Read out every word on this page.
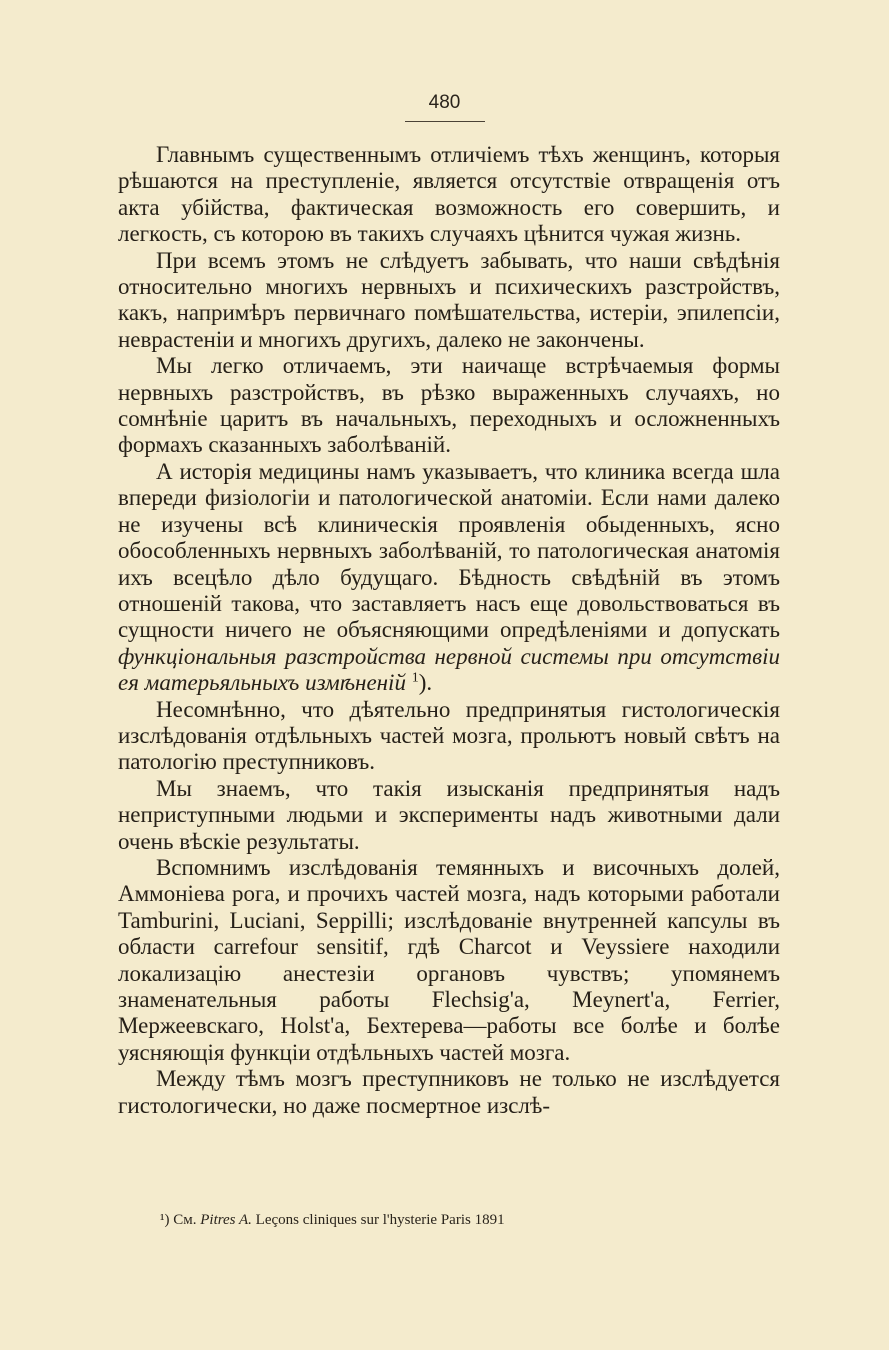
480

Главнымъ существеннымъ отличіемъ тѣхъ женщинъ, которыя рѣшаются на преступленіе, является отсутствіе отвращенія отъ акта убійства, фактическая возможность его совершить, и легкость, съ которою въ такихъ случаяхъ цѣнится чужая жизнь.

При всемъ этомъ не слѣдуетъ забывать, что наши свѣдѣнія относительно многихъ нервныхъ и психическихъ разстройствъ, какъ, напримѣръ первичнаго помѣшательства, истеріи, эпилепсіи, неврастеніи и многихъ другихъ, далеко не закончены.

Мы легко отличаемъ, эти наичаще встрѣчаемыя формы нервныхъ разстройствъ, въ рѣзко выраженныхъ случаяхъ, но сомнѣніе царитъ въ начальныхъ, переходныхъ и осложненныхъ формахъ сказанныхъ заболѣваній.

А исторія медицины намъ указываетъ, что клиника всегда шла впереди физіологіи и патологической анатоміи. Если нами далеко не изучены всѣ клиническія проявленія обыденныхъ, ясно обособленныхъ нервныхъ заболѣваній, то патологическая анатомія ихъ всецѣло дѣло будущаго. Бѣдность свѣдѣній въ этомъ отношеній такова, что заставляетъ насъ еще довольствоваться въ сущности ничего не объясняющими опредѣленіями и допускать функціональныя разстройства нервной системы при отсутствіи ея матерьяльныхъ измѣненій $^1$).

Несомнѣнно, что дѣятельно предпринятыя гистологическія изслѣдованія отдѣльныхъ частей мозга, прольютъ новый свѣтъ на патологію преступниковъ.

Мы знаемъ, что такія изысканія предпринятыя надъ неприступными людьми и эксперименты надъ животными дали очень вѣскіе результаты.

Вспомнимъ изслѣдованія темянныхъ и височныхъ долей, Аммоніева рога, и прочихъ частей мозга, надъ которыми работали Tamburini, Luciani, Seppilli; изслѣдованіе внутренней капсулы въ области carrefour sensitif, гдѣ Charcot и Veyssiere находили локализацію анестезіи органовъ чувствъ; упомянемъ знаменательныя работы Flechsig'a, Meynert'a, Ferrier, Мержеевскаго, Holst'a, Бехтерева—работы все болѣе и болѣе уясняющія функціи отдѣльныхъ частей мозга.

Между тѣмъ мозгъ преступниковъ не только не изслѣдуется гистологически, но даже посмертное изслѣ-

¹) См. Pitres A. Leçons cliniques sur l'hysterie Paris 1891
